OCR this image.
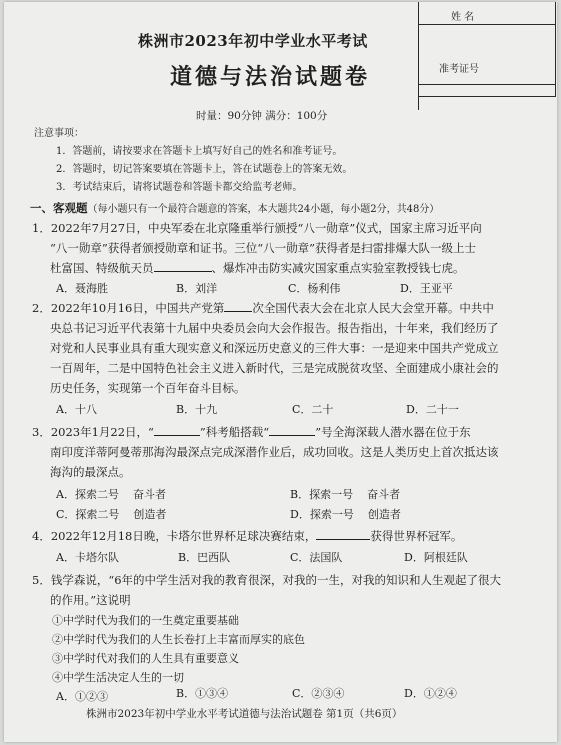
姓 名
准考证号
株洲市2023年初中学业水平考试
道德与法治试题卷
时量：90分钟 满分：100分
注意事项：
1．答题前，请按要求在答题卡上填写好自己的姓名和准考证号。
2．答题时，切记答案要填在答题卡上，答在试题卷上的答案无效。
3．考试结束后，请将试题卷和答题卡都交给监考老师。
一、客观题（每小题只有一个最符合题意的答案，本大题共24小题，每小题2分，共48分）
1．2022年7月27日，中央军委在北京隆重举行颁授“八一勋章”仪式，国家主席习近平向
“八一勋章”获得者颁授勋章和证书。三位“八一勋章”获得者是扫雷排爆大队一级上士
杜富国、特级航天员	、爆炸冲击防实减灾国家重点实验室教授钱七虎。
A．聂海胜	B．刘洋	C．杨利伟	D．王亚平
2．2022年10月16日，中国共产党第 次全国代表大会在北京人民大会堂开幕。中共中
央总书记习近平代表第十九届中央委员会向大会作报告。报告指出，十年来，我们经历了
对党和人民事业具有重大现实意义和深远历史意义的三件大事：一是迎来中国共产党成立
一百周年，二是中国特色社会主义进入新时代，三是完成脱贫攻坚、全面建成小康社会的
历史任务，实现第一个百年奋斗目标。
A．十八	B．十九	C．二十	D．二十一
3．2023年1月22日，“	”科考船搭载“	”号全海深载人潜水器在位于东
南印度洋蒂阿曼蒂那海沟最深点完成深潜作业后，成功回收。这是人类历史上首次抵达该
海沟的最深点。
A．探索二号 奋斗者	B．探索一号 奋斗者
C．探索二号 创造者	D．探索一号 创造者
4．2022年12月18日晚，卡塔尔世界杯足球决赛结束，	获得世界杯冠军。
A．卡塔尔队	B．巴西队	C．法国队	D．阿根廷队
5．钱学森说，“6年的中学生活对我的教育很深，对我的一生，对我的知识和人生观起了很大
的作用。”这说明
①中学时代为我们的一生奠定重要基础
②中学时代为我们的人生长卷打上丰富而厚实的底色
③中学时代对我们的人生具有重要意义
④中学生活决定人生的一切
A．①②③	B．①③④	C．②③④	D．①②④
株洲市2023年初中学业水平考试道德与法治试题卷 第1页（共6页）
